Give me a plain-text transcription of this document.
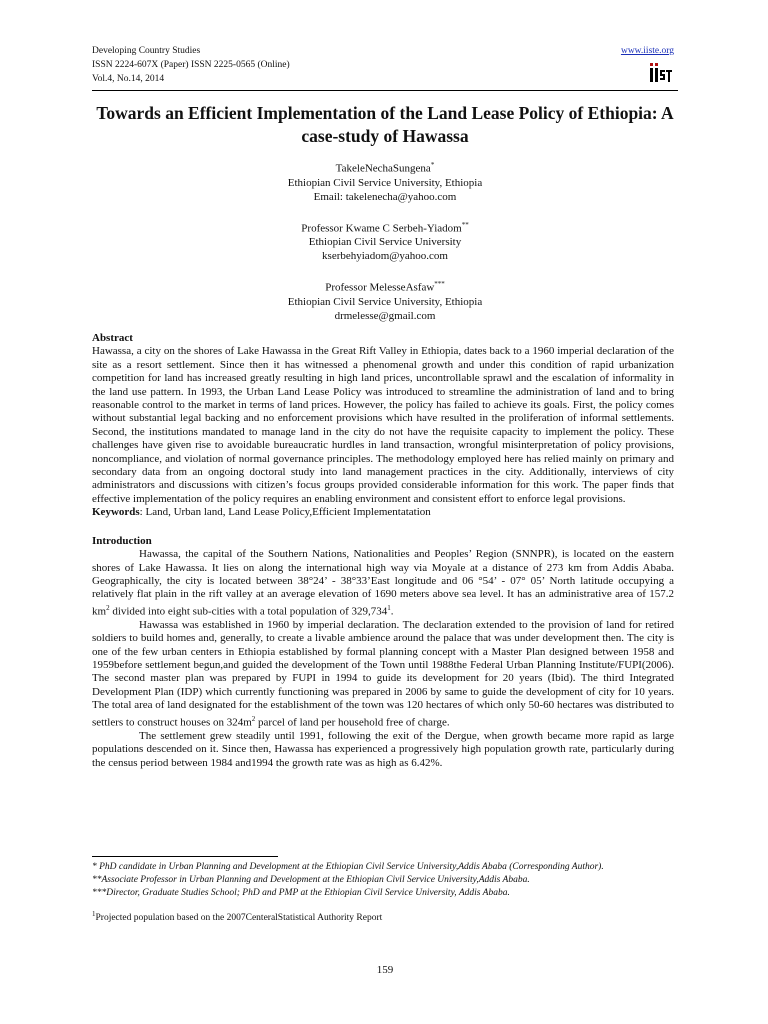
Developing Country Studies
ISSN 2224-607X (Paper) ISSN 2225-0565 (Online)
Vol.4, No.14, 2014
www.iiste.org
Towards an Efficient Implementation of the Land Lease Policy of Ethiopia: A case-study of Hawassa
TakeleNechaSungena*
Ethiopian Civil Service University, Ethiopia
Email: takelenecha@yahoo.com
Professor Kwame C Serbeh-Yiadom**
Ethiopian Civil Service University
kserbehyiadom@yahoo.com
Professor MelesseAsfaw***
Ethiopian Civil Service University, Ethiopia
drmelesse@gmail.com

Abstract

Hawassa, a city on the shores of Lake Hawassa in the Great Rift Valley in Ethiopia, dates back to a 1960 imperial declaration of the site as a resort settlement. Since then it has witnessed a phenomenal growth and under this condition of rapid urbanization competition for land has increased greatly resulting in high land prices, uncontrollable sprawl and the escalation of informality in the land use pattern. In 1993, the Urban Land Lease Policy was introduced to streamline the administration of land and to bring reasonable control to the market in terms of land prices. However, the policy has failed to achieve its goals. First, the policy comes without substantial legal backing and no enforcement provisions which have resulted in the proliferation of informal settlements. Second, the institutions mandated to manage land in the city do not have the requisite capacity to implement the policy. These challenges have given rise to avoidable bureaucratic hurdles in land transaction, wrongful misinterpretation of policy provisions, noncompliance, and violation of normal governance principles. The methodology employed here has relied mainly on primary and secondary data from an ongoing doctoral study into land management practices in the city. Additionally, interviews of city administrators and discussions with citizen’s focus groups provided considerable information for this work. The paper finds that effective implementation of the policy requires an enabling environment and consistent effort to enforce legal provisions.

Keywords: Land, Urban land, Land Lease Policy,Efficient Implementatation

Introduction

Hawassa, the capital of the Southern Nations, Nationalities and Peoples’ Region (SNNPR), is located on the eastern shores of Lake Hawassa. It lies on along the international high way via Moyale at a distance of 273 km from Addis Ababa. Geographically, the city is located between 38°24’ - 38°33’East longitude and 06 °54’ - 07° 05’ North latitude occupying a relatively flat plain in the rift valley at an average elevation of 1690 meters above sea level. It has an administrative area of 157.2 km$^2$ divided into eight sub-cities with a total population of 329,734$^1$.

Hawassa was established in 1960 by imperial declaration. The declaration extended to the provision of land for retired soldiers to build homes and, generally, to create a livable ambience around the palace that was under development then. The city is one of the few urban centers in Ethiopia established by formal planning concept with a Master Plan designed between 1958 and 1959before settlement begun,and guided the development of the Town until 1988the Federal Urban Planning Institute/FUPI(2006). The second master plan was prepared by FUPI in 1994 to guide its development for 20 years (Ibid). The third Integrated Development Plan (IDP) which currently functioning was prepared in 2006 by same to guide the development of city for 10 years. The total area of land designated for the establishment of the town was 120 hectares of which only 50-60 hectares was distributed to settlers to construct houses on 324m$^2$ parcel of land per household free of charge.

The settlement grew steadily until 1991, following the exit of the Dergue, when growth became more rapid as large populations descended on it. Since then, Hawassa has experienced a progressively high population growth rate, particularly during the census period between 1984 and1994 the growth rate was as high as 6.42%.

* PhD candidate in Urban Planning and Development at the Ethiopian Civil Service University,Addis Ababa (Corresponding Author).

**Associate Professor in Urban Planning and Development at the Ethiopian Civil Service University,Addis Ababa.

***Director, Graduate Studies School; PhD and PMP at the Ethiopian Civil Service University, Addis Ababa.

$^1$Projected population based on the 2007CenteralStatistical Authority Report

159
